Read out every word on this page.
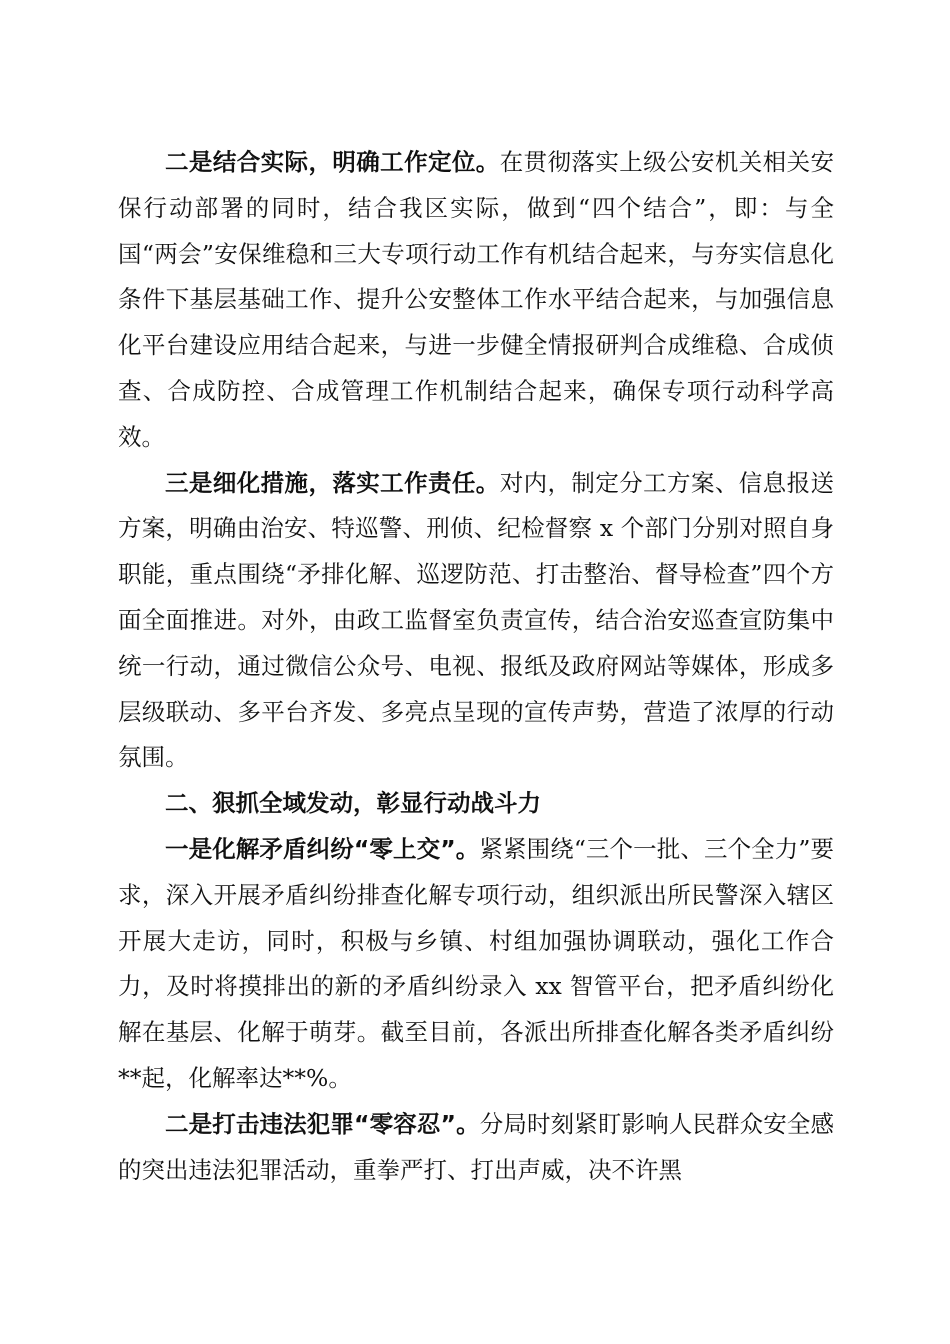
二是结合实际，明确工作定位。在贯彻落实上级公安机关相关安保行动部署的同时，结合我区实际，做到“四个结合”，即：与全国“两会”安保维稳和三大专项行动工作有机结合起来，与夯实信息化条件下基层基础工作、提升公安整体工作水平结合起来，与加强信息化平台建设应用结合起来，与进一步健全情报研判合成维稳、合成侦查、合成防控、合成管理工作机制结合起来，确保专项行动科学高效。

三是细化措施，落实工作责任。对内，制定分工方案、信息报送方案，明确由治安、特巡警、刑侦、纪检督察 x 个部门分别对照自身职能，重点围绕“矛排化解、巡逻防范、打击整治、督导检查”四个方面全面推进。对外，由政工监督室负责宣传，结合治安巡查宣防集中统一行动，通过微信公众号、电视、报纸及政府网站等媒体，形成多层级联动、多平台齐发、多亮点呈现的宣传声势，营造了浓厚的行动氛围。

二、狠抓全域发动，彰显行动战斗力

一是化解矛盾纠纷“零上交”。紧紧围绕“三个一批、三个全力”要求，深入开展矛盾纠纷排查化解专项行动，组织派出所民警深入辖区开展大走访，同时，积极与乡镇、村组加强协调联动，强化工作合力，及时将摸排出的新的矛盾纠纷录入 xx 智管平台，把矛盾纠纷化解在基层、化解于萌芽。截至目前，各派出所排查化解各类矛盾纠纷**起，化解率达**%。

二是打击违法犯罪“零容忍”。分局时刻紧盯影响人民群众安全感的突出违法犯罪活动，重拳严打、打出声威，决不许黑
